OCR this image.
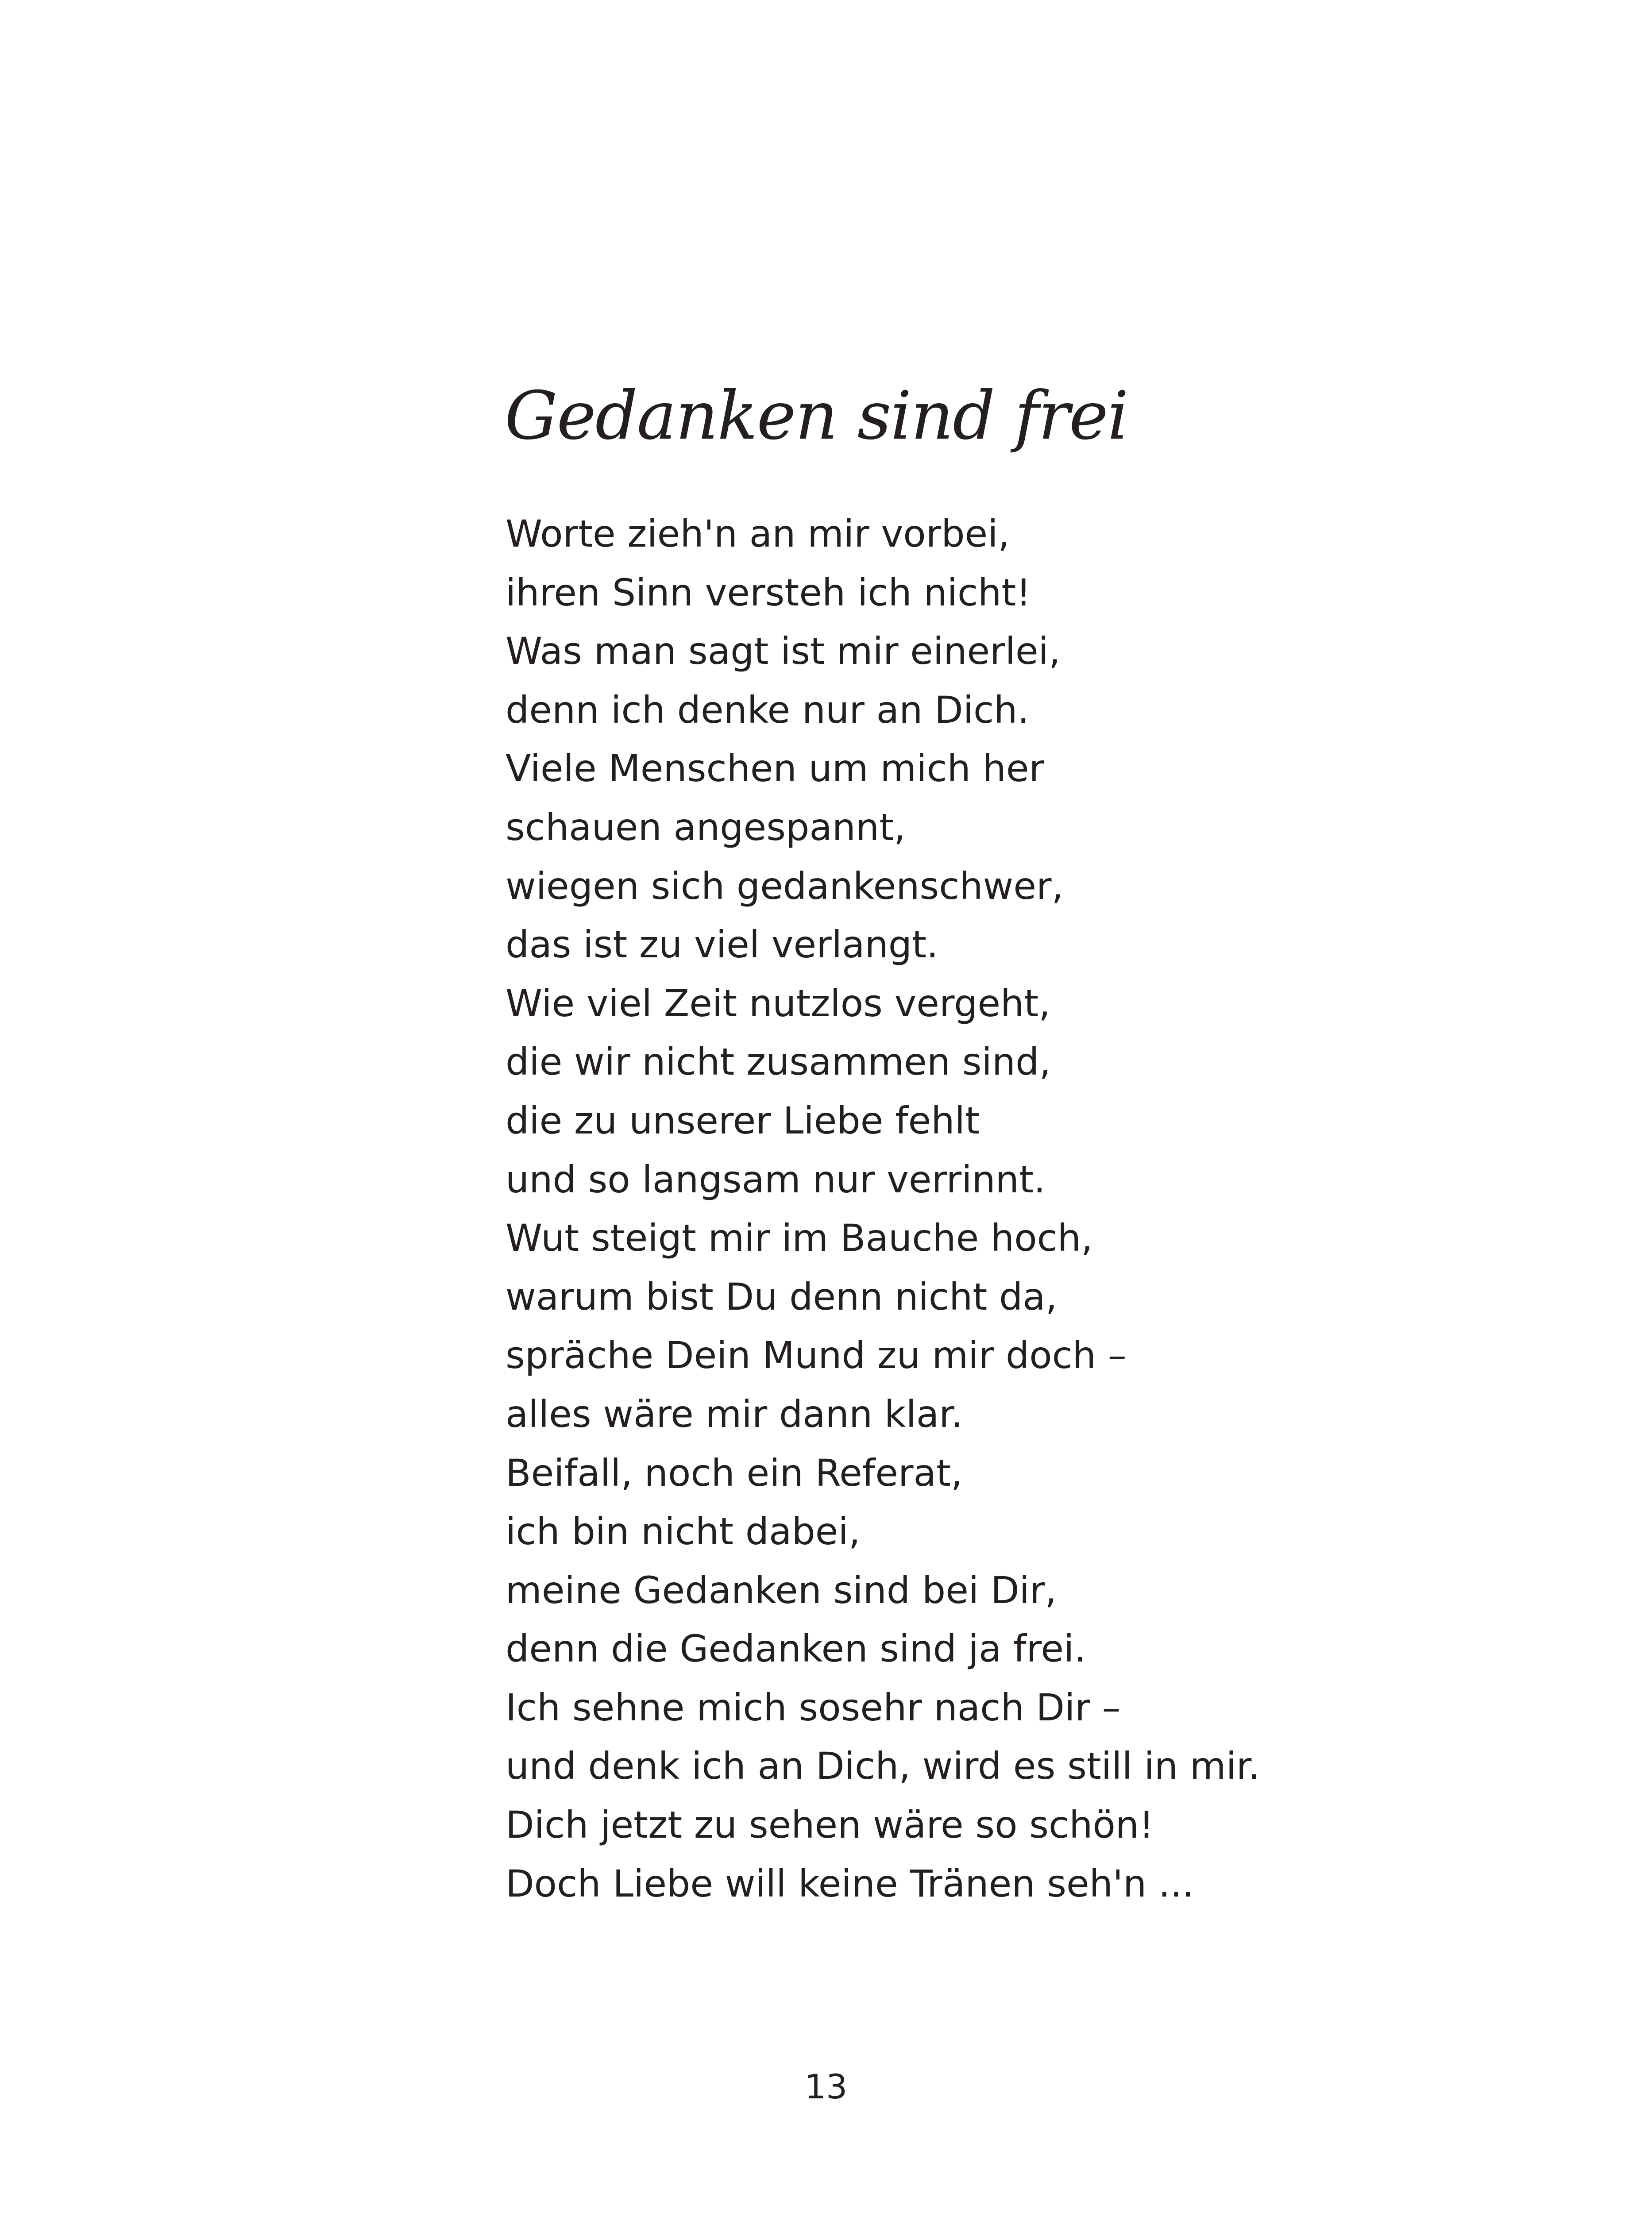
Gedanken sind frei
Worte zieh'n an mir vorbei,
ihren Sinn versteh ich nicht!
Was man sagt ist mir einerlei,
denn ich denke nur an Dich.
Viele Menschen um mich her
schauen angespannt,
wiegen sich gedankenschwer,
das ist zu viel verlangt.
Wie viel Zeit nutzlos vergeht,
die wir nicht zusammen sind,
die zu unserer Liebe fehlt
und so langsam nur verrinnt.
Wut steigt mir im Bauche hoch,
warum bist Du denn nicht da,
spräche Dein Mund zu mir doch –
alles wäre mir dann klar.
Beifall, noch ein Referat,
ich bin nicht dabei,
meine Gedanken sind bei Dir,
denn die Gedanken sind ja frei.
Ich sehne mich sosehr nach Dir –
und denk ich an Dich, wird es still in mir.
Dich jetzt zu sehen wäre so schön!
Doch Liebe will keine Tränen seh'n ...
13
